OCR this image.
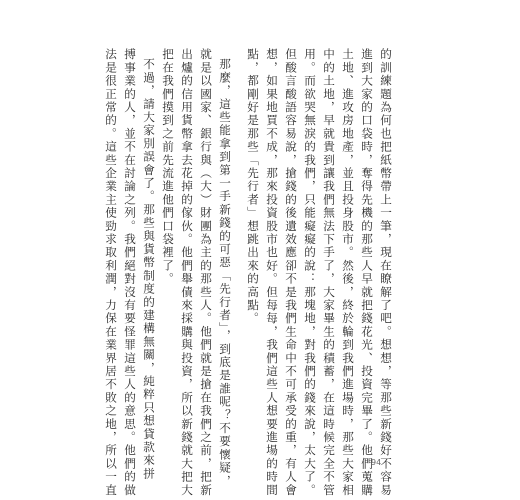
的訓練題為何也把紙幣帶上一筆，現在瞭解了吧。想想，等那些新錢好不容易
進到大家的口袋時，奪得先機的那些人早就把錢花光、投資完畢了。他們蒐購
土地、進攻房地產，並且投身股市。然後，終於輪到我們進場時，那些大家相
中的土地，早就貴到讓我們無法下手了，大家畢生的積蓄，在這時候完全不管
用。而欲哭無淚的我們，只能癡癡的說：那塊地，對我們的錢來說，太大了。
但酸言酸語容易說，搶錢的後遺效應卻不是我們生命中不可承受的重，有人會
想，如果地買不成，那來投資股市也好。但每每，我們這些人想要進場的時間
點，都剛好是那些「先行者」想跳出來的高點。
那麼，這些能拿到第一手新錢的可惡「先行者」，到底是誰呢？不要懷疑，
就是以國家、銀行與（大）財團為主的那些人。他們就是搶在我們之前，把新
出爐的信用貨幣拿去花掉的傢伙。他們舉債來採購與投資，所以新錢就大把大
把在我們摸到之前先流進他們口袋裡了。
不過，請大家別誤會了。那些與貨幣制度的建構無關，純粹只想貸款來拼
搏事業的人，並不在討論之列。我們絕對沒有要怪罪這些人的意思。他們的做
法是很正常的。這些企業主使勁求取利潤，力保在業界居不敗之地，所以一直	94
